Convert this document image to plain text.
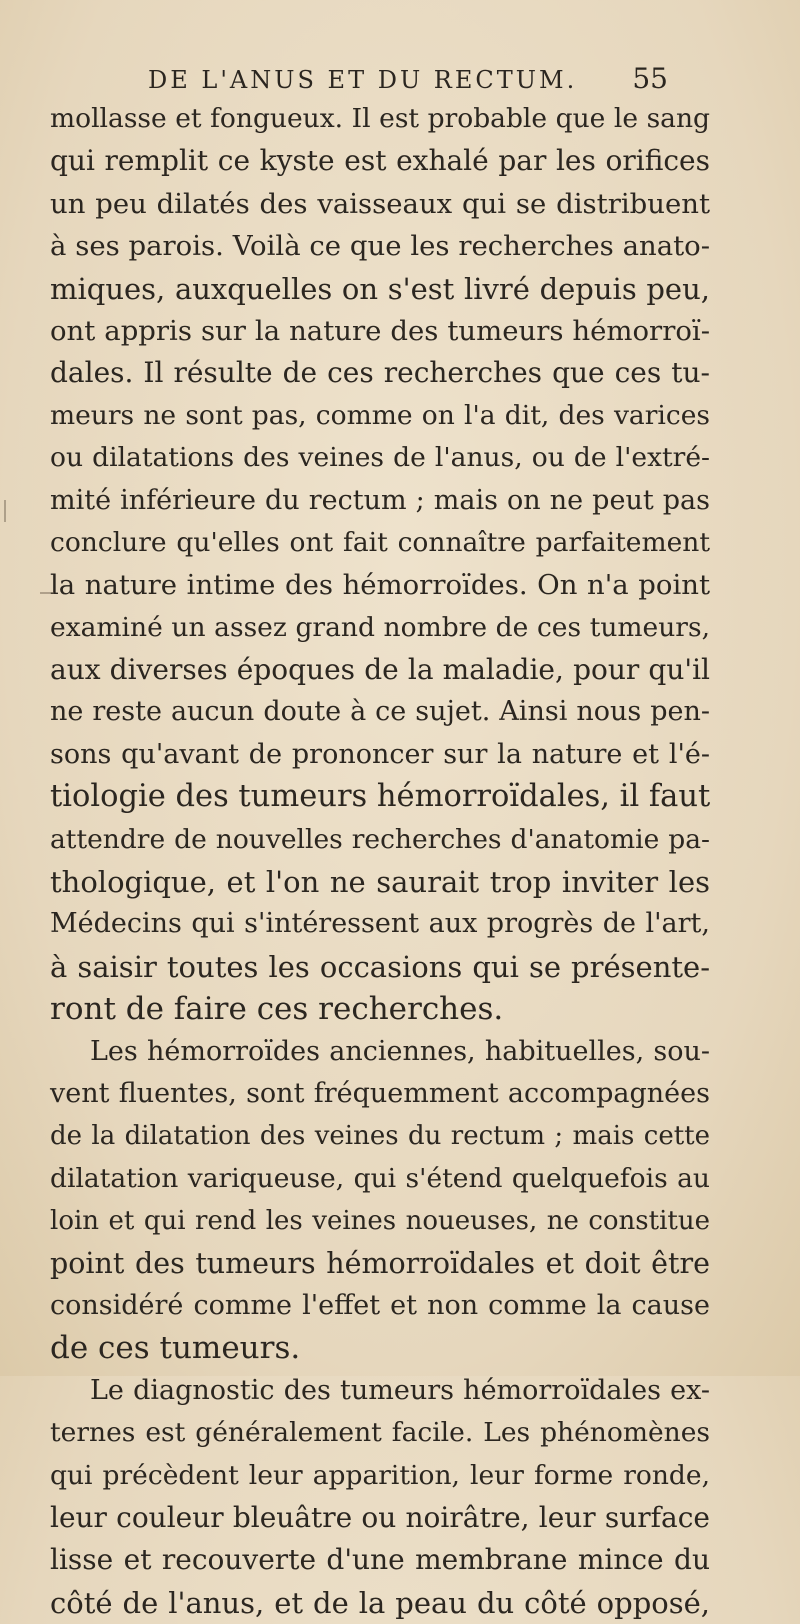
DE L'ANUS ET DU RECTUM. 55
mollasse et fongueux. Il est probable que le sang
qui remplit ce kyste est exhalé par les orifices
un peu dilatés des vaisseaux qui se distribuent
à ses parois. Voilà ce que les recherches anato-
miques, auxquelles on s'est livré depuis peu,
ont appris sur la nature des tumeurs hémorroï-
dales. Il résulte de ces recherches que ces tu-
meurs ne sont pas, comme on l'a dit, des varices
ou dilatations des veines de l'anus, ou de l'extré-
mité inférieure du rectum ; mais on ne peut pas
conclure qu'elles ont fait connaître parfaitement
la nature intime des hémorroïdes. On n'a point
examiné un assez grand nombre de ces tumeurs,
aux diverses époques de la maladie, pour qu'il
ne reste aucun doute à ce sujet. Ainsi nous pen-
sons qu'avant de prononcer sur la nature et l'é-
tiologie des tumeurs hémorroïdales, il faut
attendre de nouvelles recherches d'anatomie pa-
thologique, et l'on ne saurait trop inviter les
Médecins qui s'intéressent aux progrès de l'art,
à saisir toutes les occasions qui se présente-
ront de faire ces recherches.
Les hémorroïdes anciennes, habituelles, sou-
vent fluentes, sont fréquemment accompagnées
de la dilatation des veines du rectum ; mais cette
dilatation variqueuse, qui s'étend quelquefois au
loin et qui rend les veines noueuses, ne constitue
point des tumeurs hémorroïdales et doit être
considéré comme l'effet et non comme la cause
de ces tumeurs.
Le diagnostic des tumeurs hémorroïdales ex-
ternes est généralement facile. Les phénomènes
qui précèdent leur apparition, leur forme ronde,
leur couleur bleuâtre ou noirâtre, leur surface
lisse et recouverte d'une membrane mince du
côté de l'anus, et de la peau du côté opposé,
